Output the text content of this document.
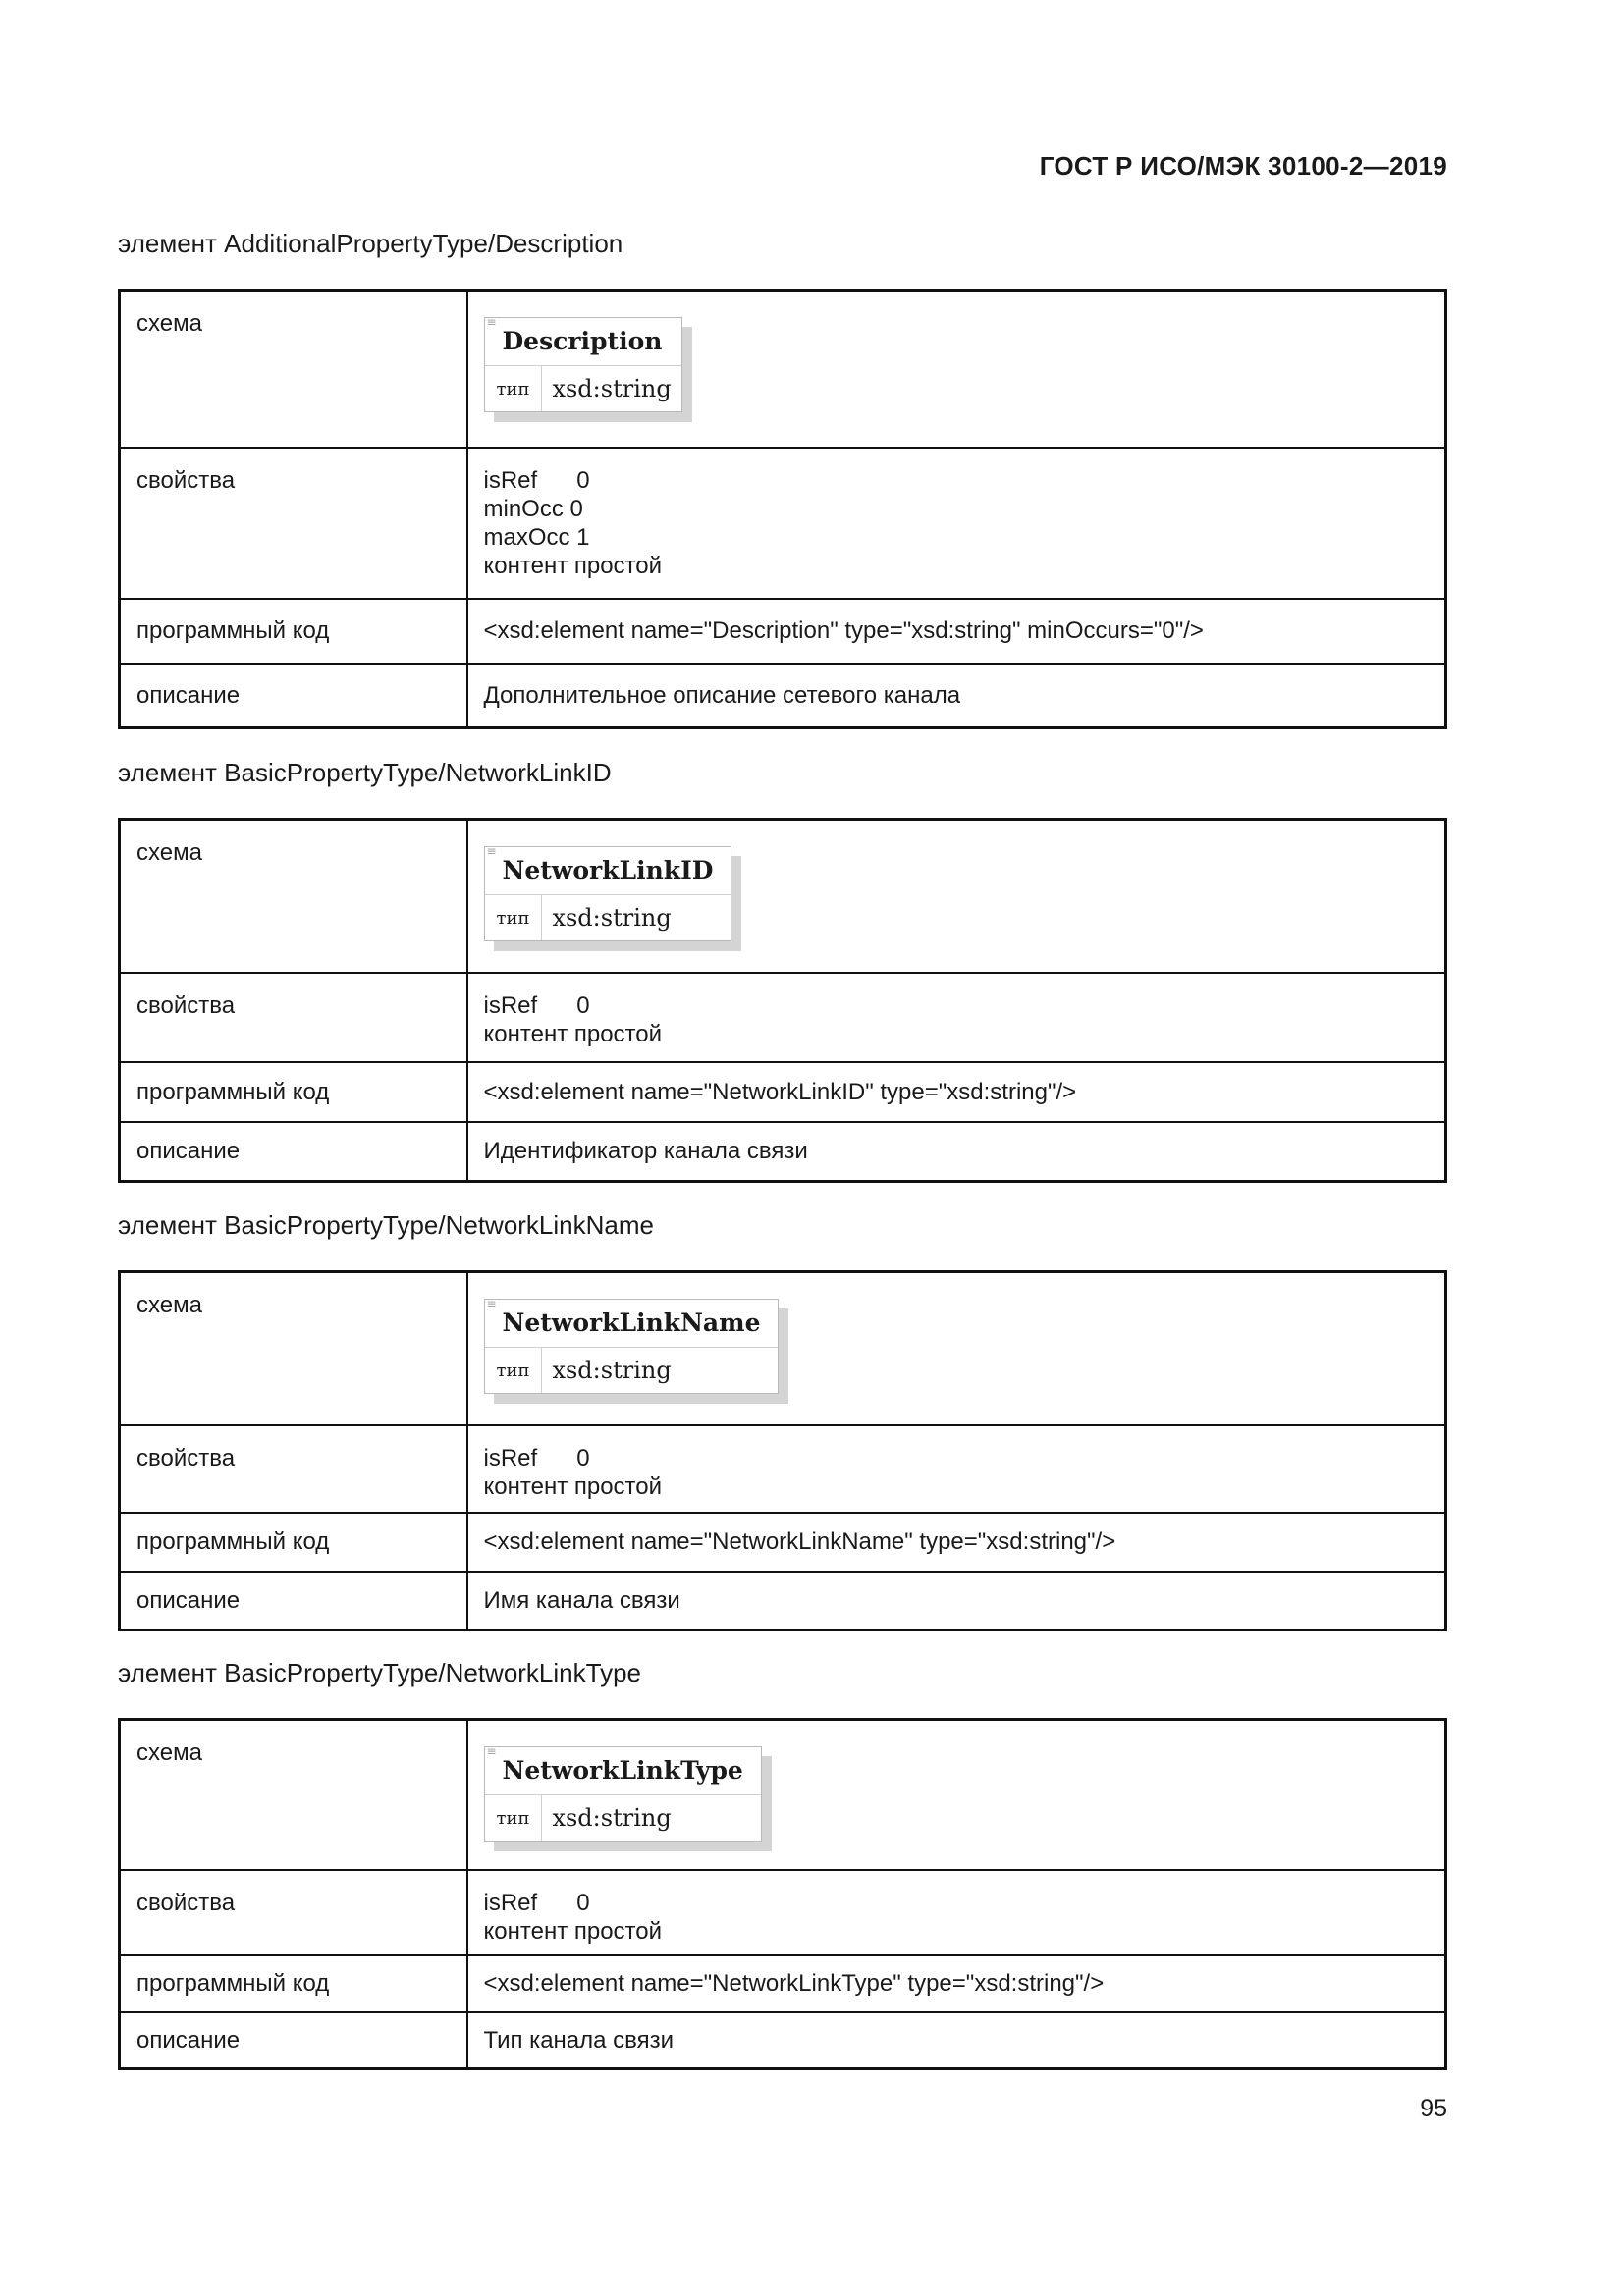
ГОСТ Р ИСО/МЭК 30100-2—2019

элемент AdditionalPropertyType/Description

схема	≡
Description
тип xsd:string

свойства	isRef      0
minOcc 0
maxOcc 1
контент простой

программный код	<xsd:element name="Description" type="xsd:string" minOccurs="0"/>
описание	Дополнительное описание сетевого канала

элемент BasicPropertyType/NetworkLinkID

схема	≡
NetworkLinkID
тип xsd:string

свойства	isRef      0
контент простой

программный код	<xsd:element name="NetworkLinkID" type="xsd:string"/>
описание	Идентификатор канала связи

элемент BasicPropertyType/NetworkLinkName

схема	≡
NetworkLinkName
тип xsd:string

свойства	isRef      0
контент простой

программный код	<xsd:element name="NetworkLinkName" type="xsd:string"/>
описание	Имя канала связи

элемент BasicPropertyType/NetworkLinkType

схема	≡
NetworkLinkType
тип xsd:string

свойства	isRef      0
контент простой

программный код	<xsd:element name="NetworkLinkType" type="xsd:string"/>
описание	Тип канала связи
95
